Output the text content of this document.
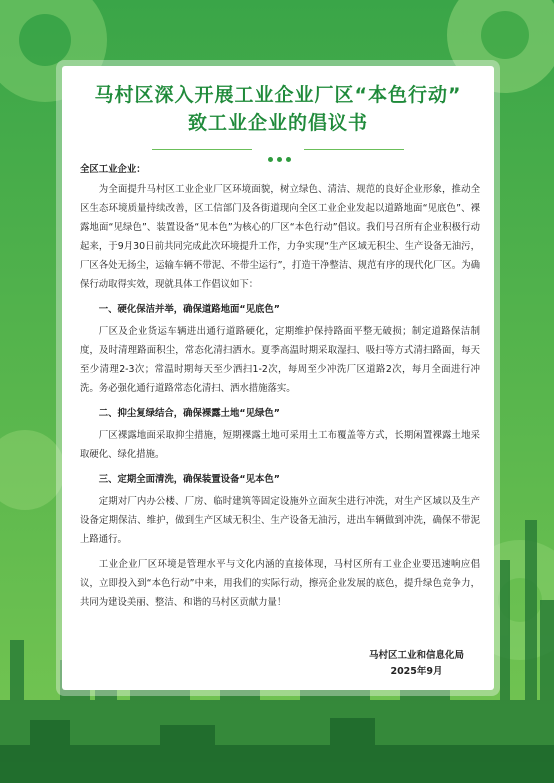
马村区深入开展工业企业厂区“本色行动”
致工业企业的倡议书

全区工业企业：

为全面提升马村区工业企业厂区环境面貌，树立绿色、清洁、规范的良好企业形象，推动全区生态环境质量持续改善，区工信部门及各街道现向全区工业企业发起以道路地面“见底色”、裸露地面“见绿色”、装置设备“见本色”为核心的厂区“本色行动”倡议。我们号召所有企业积极行动起来，于9月30日前共同完成此次环境提升工作，力争实现“生产区域无积尘、生产设备无油污，厂区各处无扬尘，运输车辆不带泥、不带尘运行”，打造干净整洁、规范有序的现代化厂区。为确保行动取得实效，现就具体工作倡议如下：

一、硬化保洁并举，确保道路地面“见底色”

厂区及企业货运车辆进出通行道路硬化，定期维护保持路面平整无破损；制定道路保洁制度，及时清理路面积尘，常态化清扫洒水。夏季高温时期采取湿扫、吸扫等方式清扫路面，每天至少清理2-3次；常温时期每天至少洒扫1-2次，每周至少冲洗厂区道路2次，每月全面进行冲洗。务必强化通行道路常态化清扫、洒水措施落实。

二、抑尘复绿结合，确保裸露土地“见绿色”

厂区裸露地面采取抑尘措施，短期裸露土地可采用土工布覆盖等方式，长期闲置裸露土地采取硬化、绿化措施。

三、定期全面清洗，确保装置设备“见本色”

定期对厂内办公楼、厂房、临时建筑等固定设施外立面灰尘进行冲洗，对生产区域以及生产设备定期保洁、维护，做到生产区域无积尘、生产设备无油污，进出车辆做到冲洗，确保不带泥上路通行。

工业企业厂区环境是管理水平与文化内涵的直接体现，马村区所有工业企业要迅速响应倡议，立即投入到“本色行动”中来，用我们的实际行动，擦亮企业发展的底色，提升绿色竞争力，共同为建设美丽、整洁、和谐的马村区贡献力量！

马村区工业和信息化局
2025年9月
